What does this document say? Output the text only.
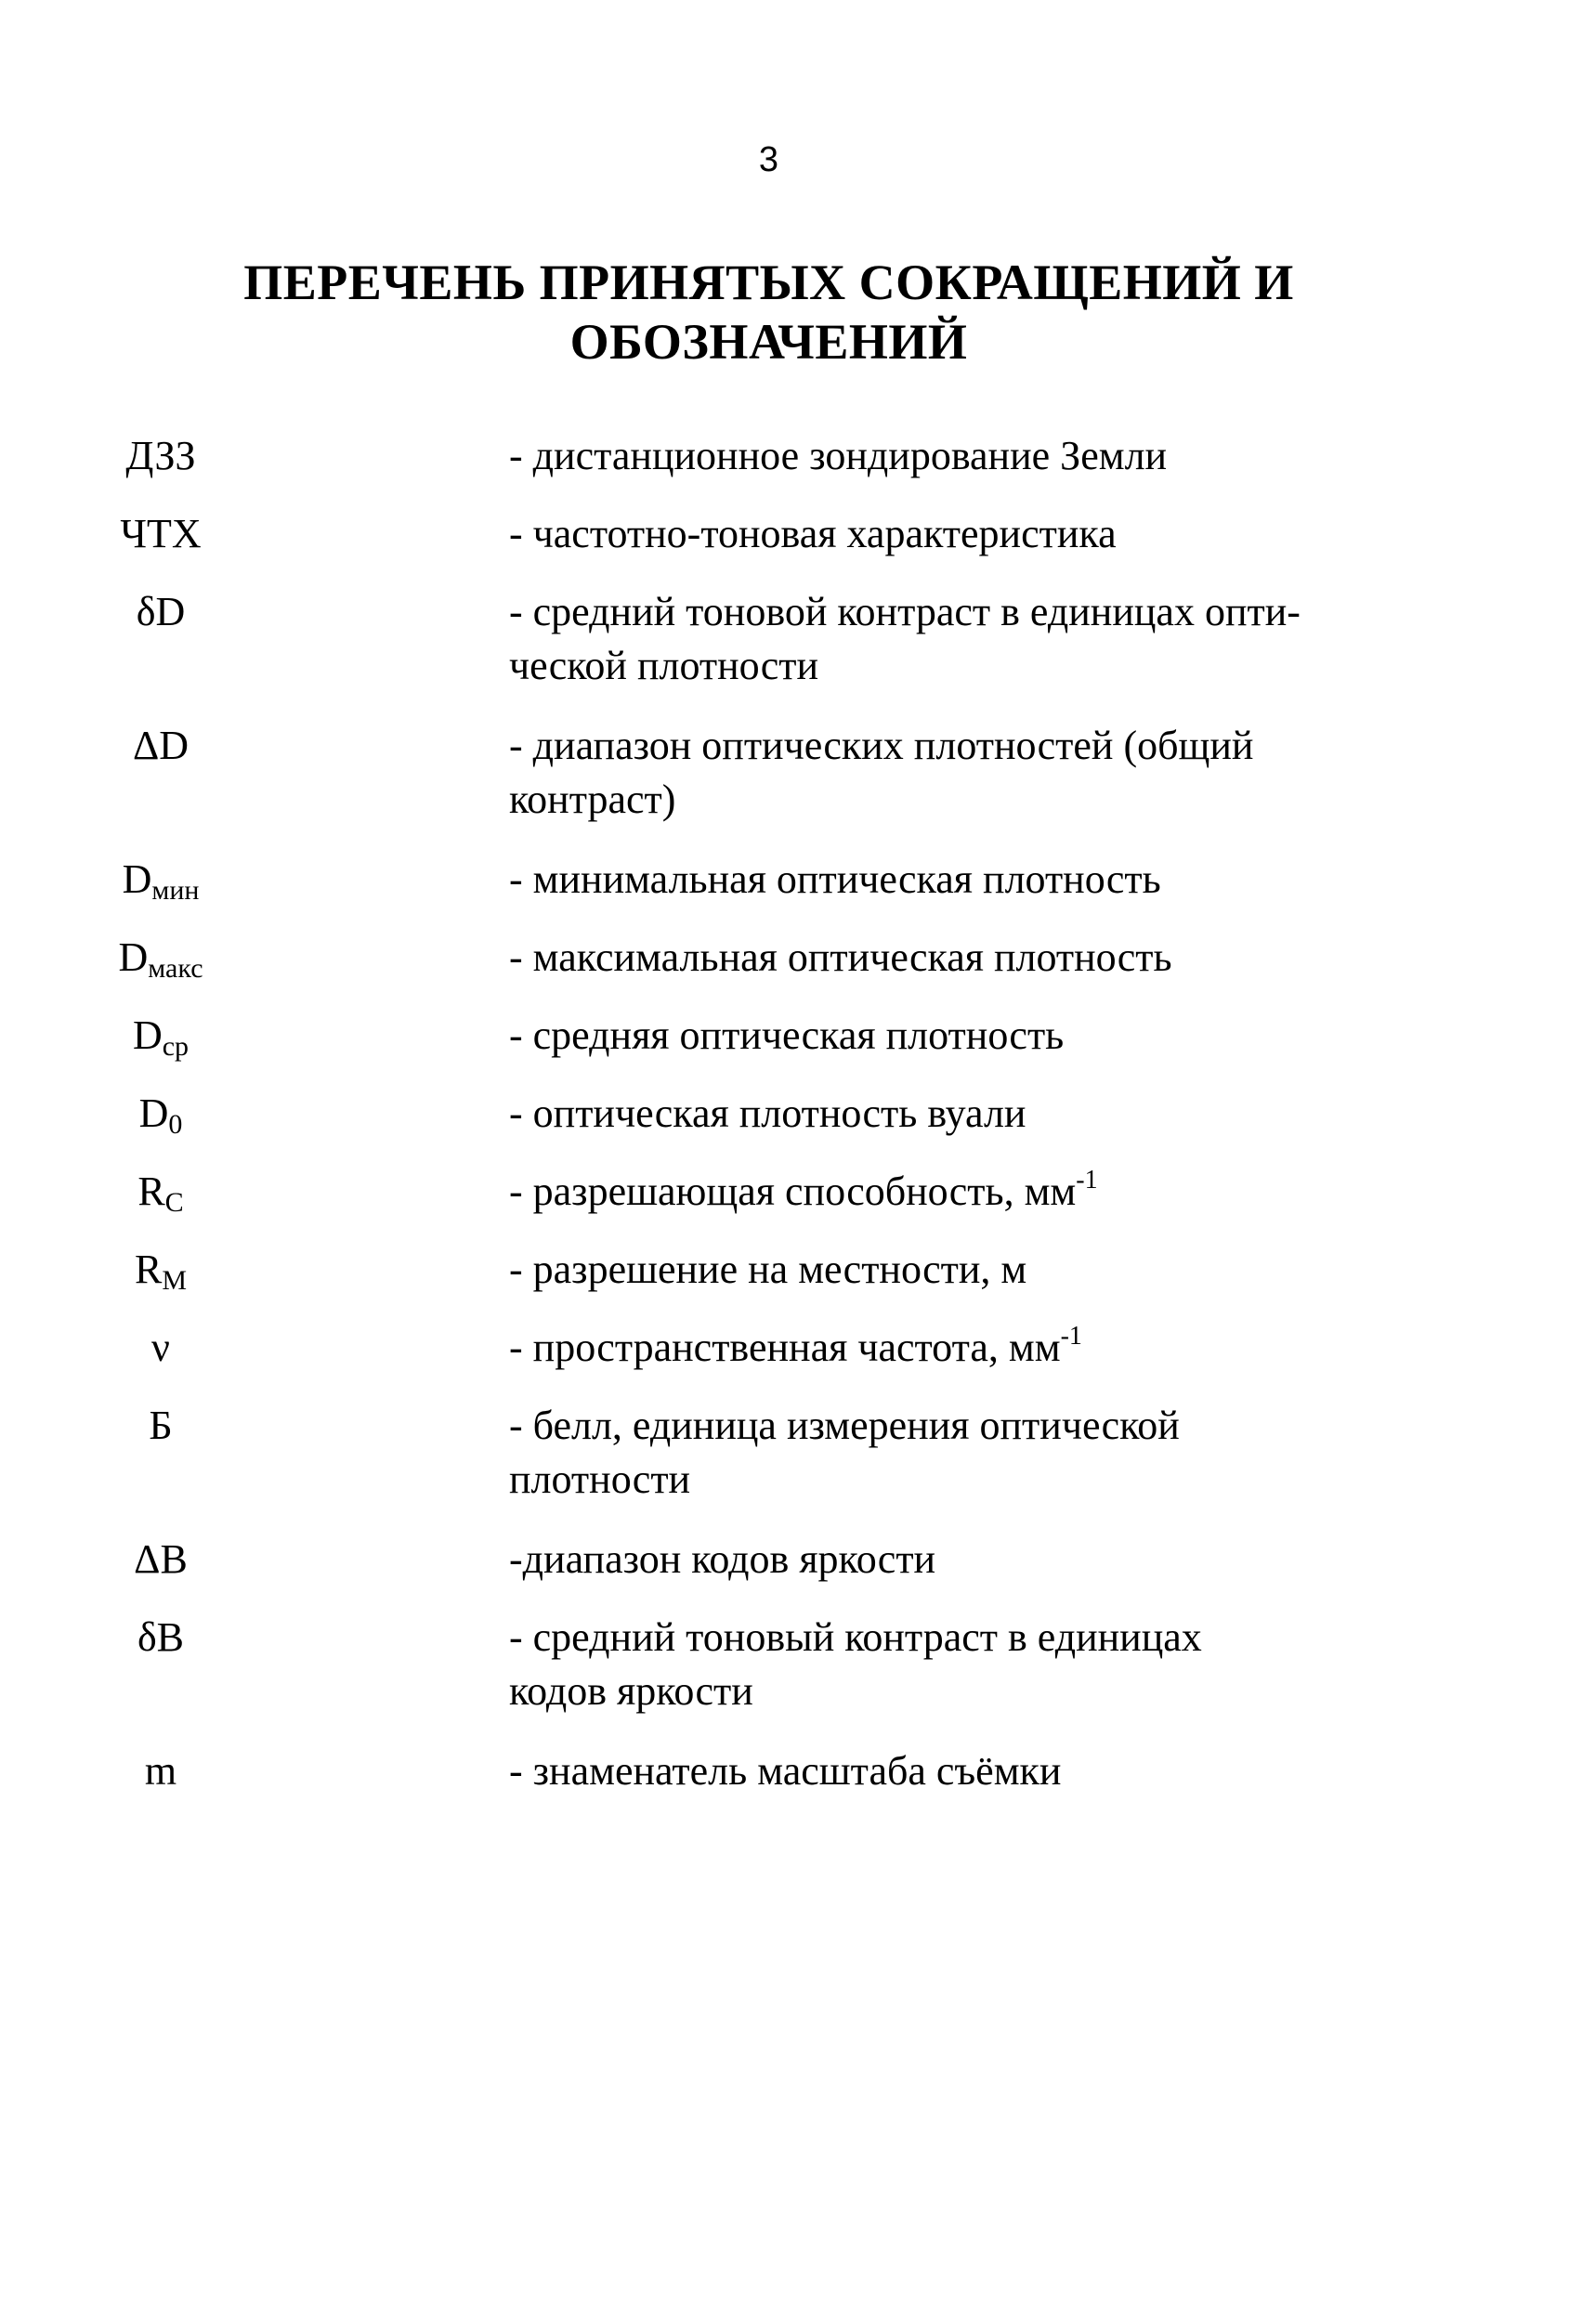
3
ПЕРЕЧЕНЬ ПРИНЯТЫХ СОКРАЩЕНИЙ И
ОБОЗНАЧЕНИЙ
ДЗЗ	- дистанционное зондирование Земли
ЧТХ	- частотно-тоновая характеристика
δD	- средний тоновой контраст в единицах опти-
ческой плотности
ΔD	- диапазон оптических плотностей (общий
контраст)
$D_{мин}$	- минимальная оптическая плотность
$D_{макс}$	- максимальная оптическая плотность
$D_{ср}$	- средняя оптическая плотность
$D_0$	- оптическая плотность вуали
$R_C$	- разрешающая способность, $мм^{-1}$
$R_M$	- разрешение на местности, м
ν	- пространственная частота, $мм^{-1}$
Б	- белл, единица измерения оптической
плотности
ΔB	-диапазон кодов яркости
δB	- средний тоновый контраст в единицах
кодов яркости
m	- знаменатель масштаба съёмки
